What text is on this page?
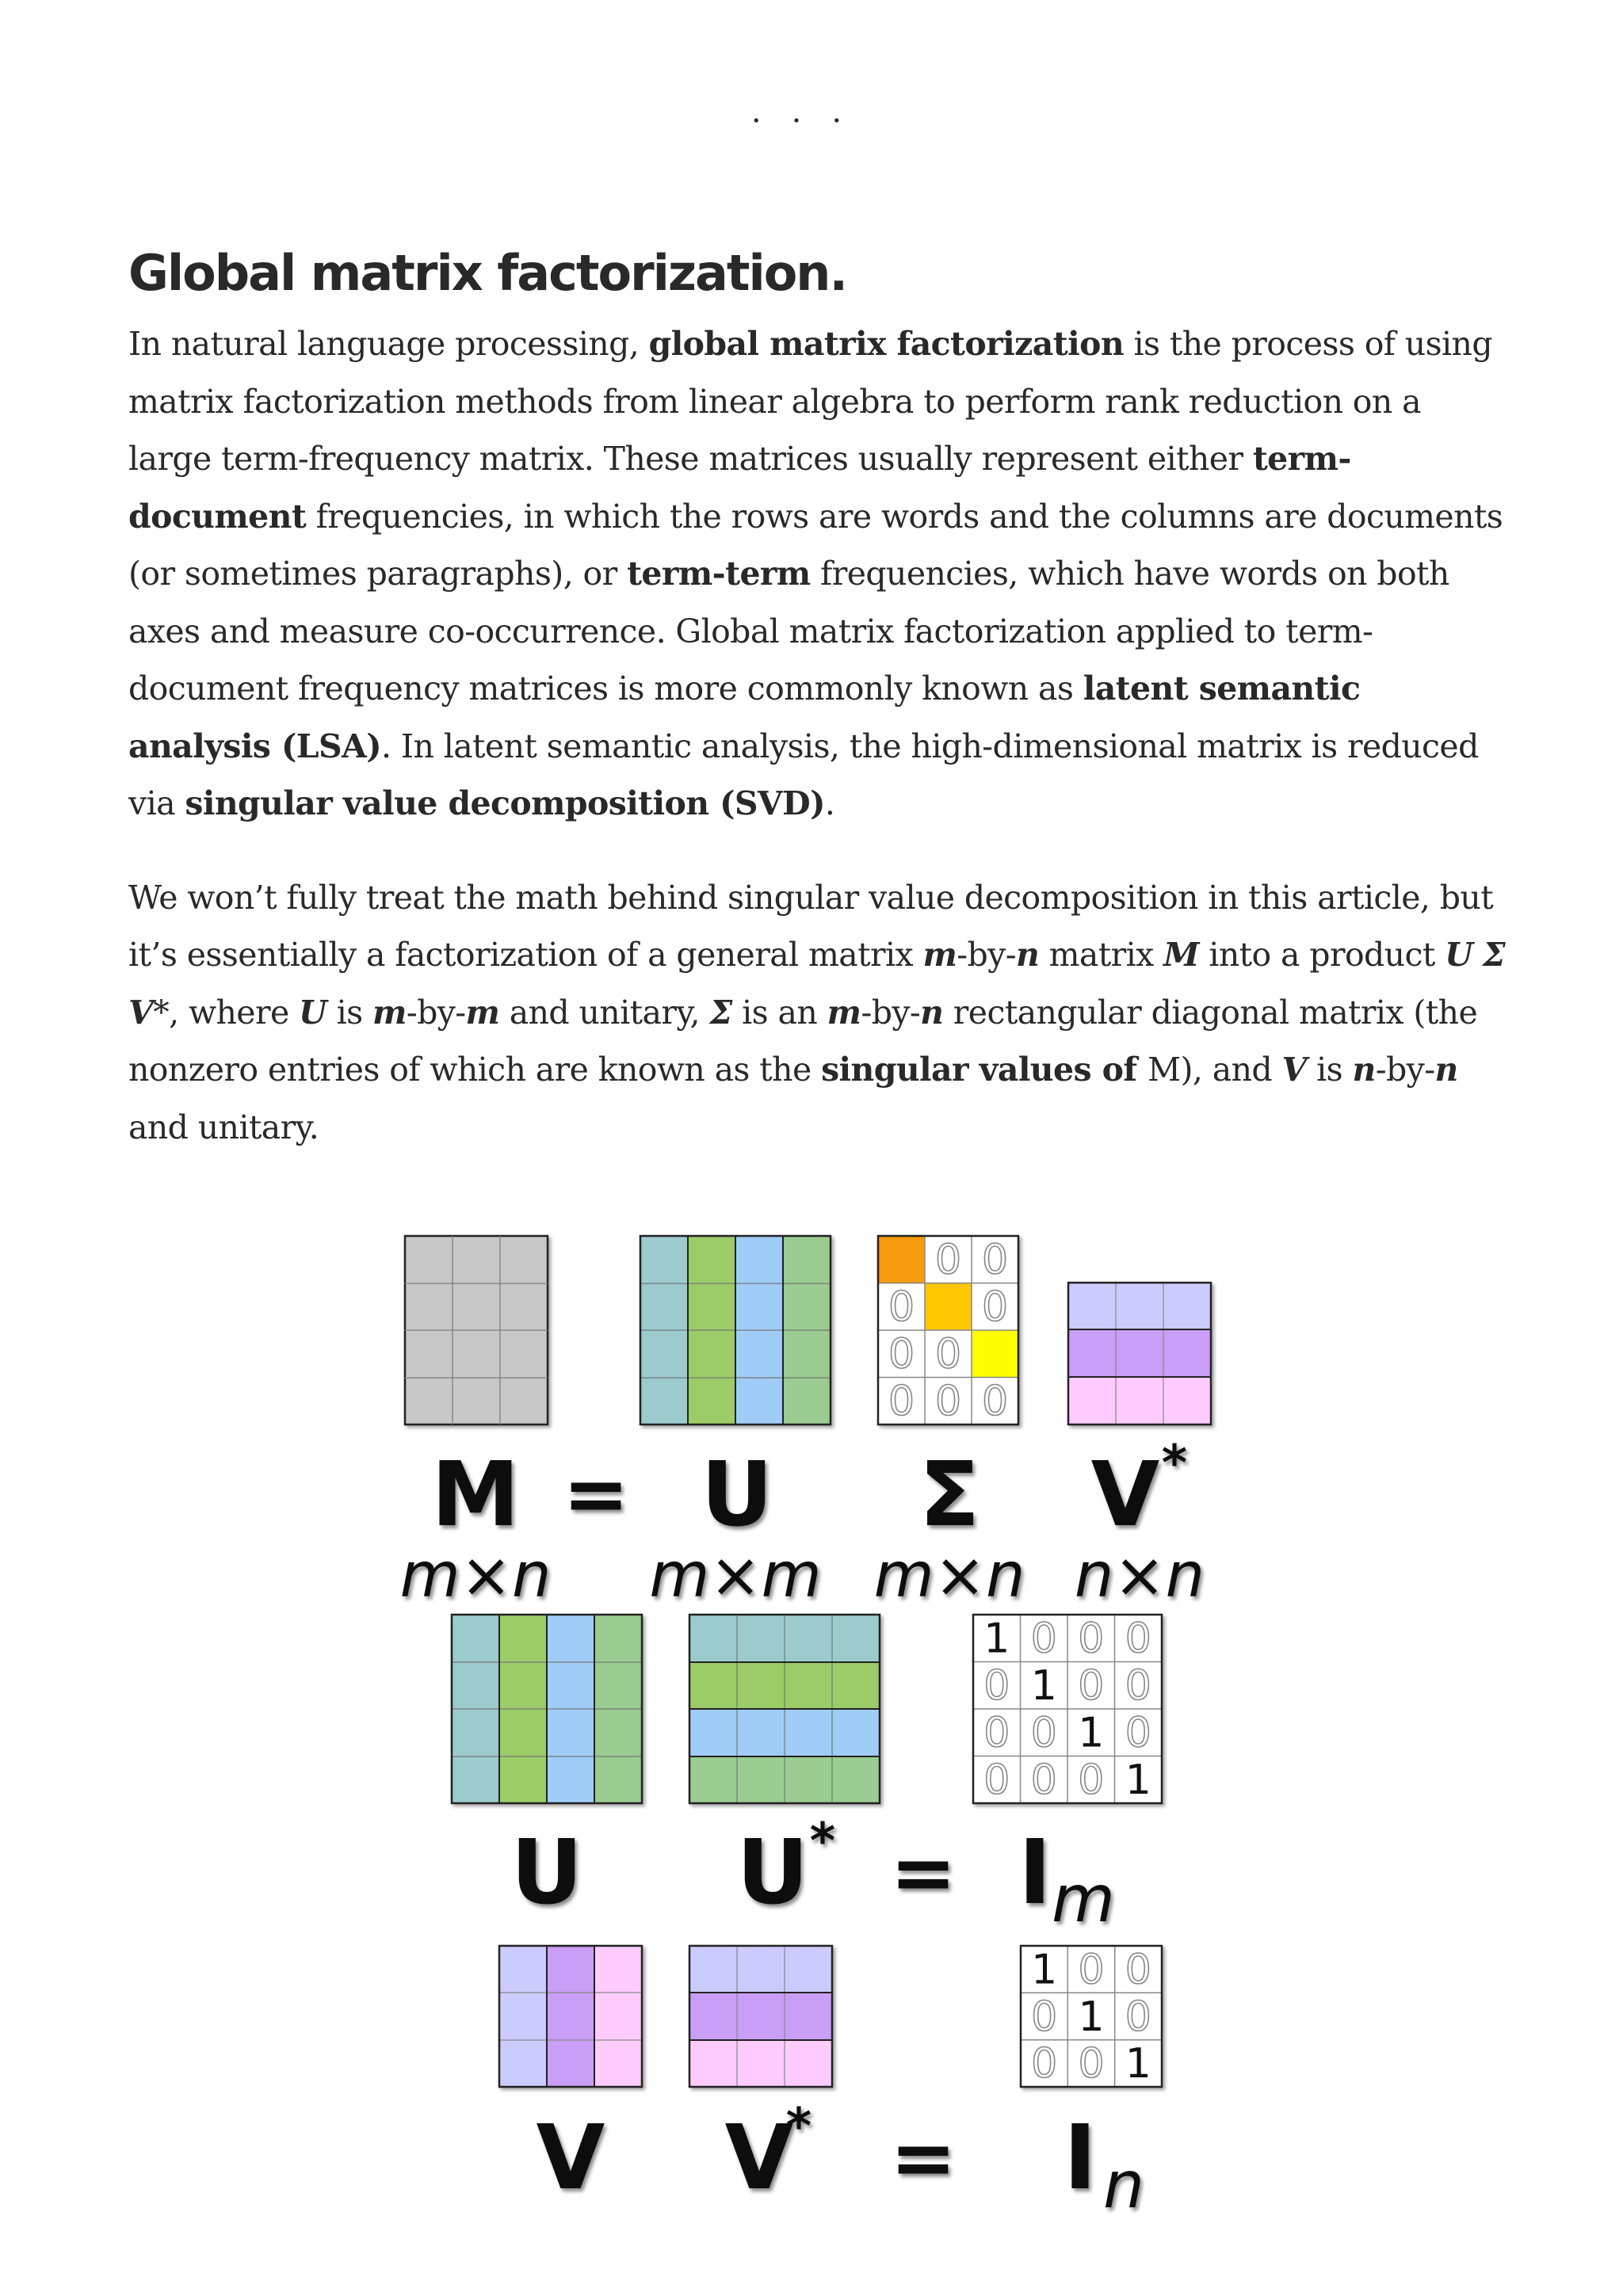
...
Global matrix factorization.

In natural language processing, global matrix factorization is the process of using matrix factorization methods from linear algebra to perform rank reduction on a large term-frequency matrix. These matrices usually represent either term-document frequencies, in which the rows are words and the columns are documents (or sometimes paragraphs), or term-term frequencies, which have words on both axes and measure co-occurrence. Global matrix factorization applied to term-document frequency matrices is more commonly known as latent semantic analysis (LSA). In latent semantic analysis, the high-dimensional matrix is reduced via singular value decomposition (SVD).

We won’t fully treat the math behind singular value decomposition in this article, but it’s essentially a factorization of a general matrix m-by-n matrix M into a product U Σ V*, where U is m-by-m and unitary, Σ is an m-by-n rectangular diagonal matrix (the nonzero entries of which are known as the singular values of M), and V is n-by-n and unitary.

0 0
0 0
0 0
0 0 0
M = U Σ V *
m×n m×m m×n n×n
1 0 0 0
0 1 0 0
0 0 1 0
0 0 0 1
U U * = I m
1 0 0
0 1 0
0 0 1
V V
* = I n
